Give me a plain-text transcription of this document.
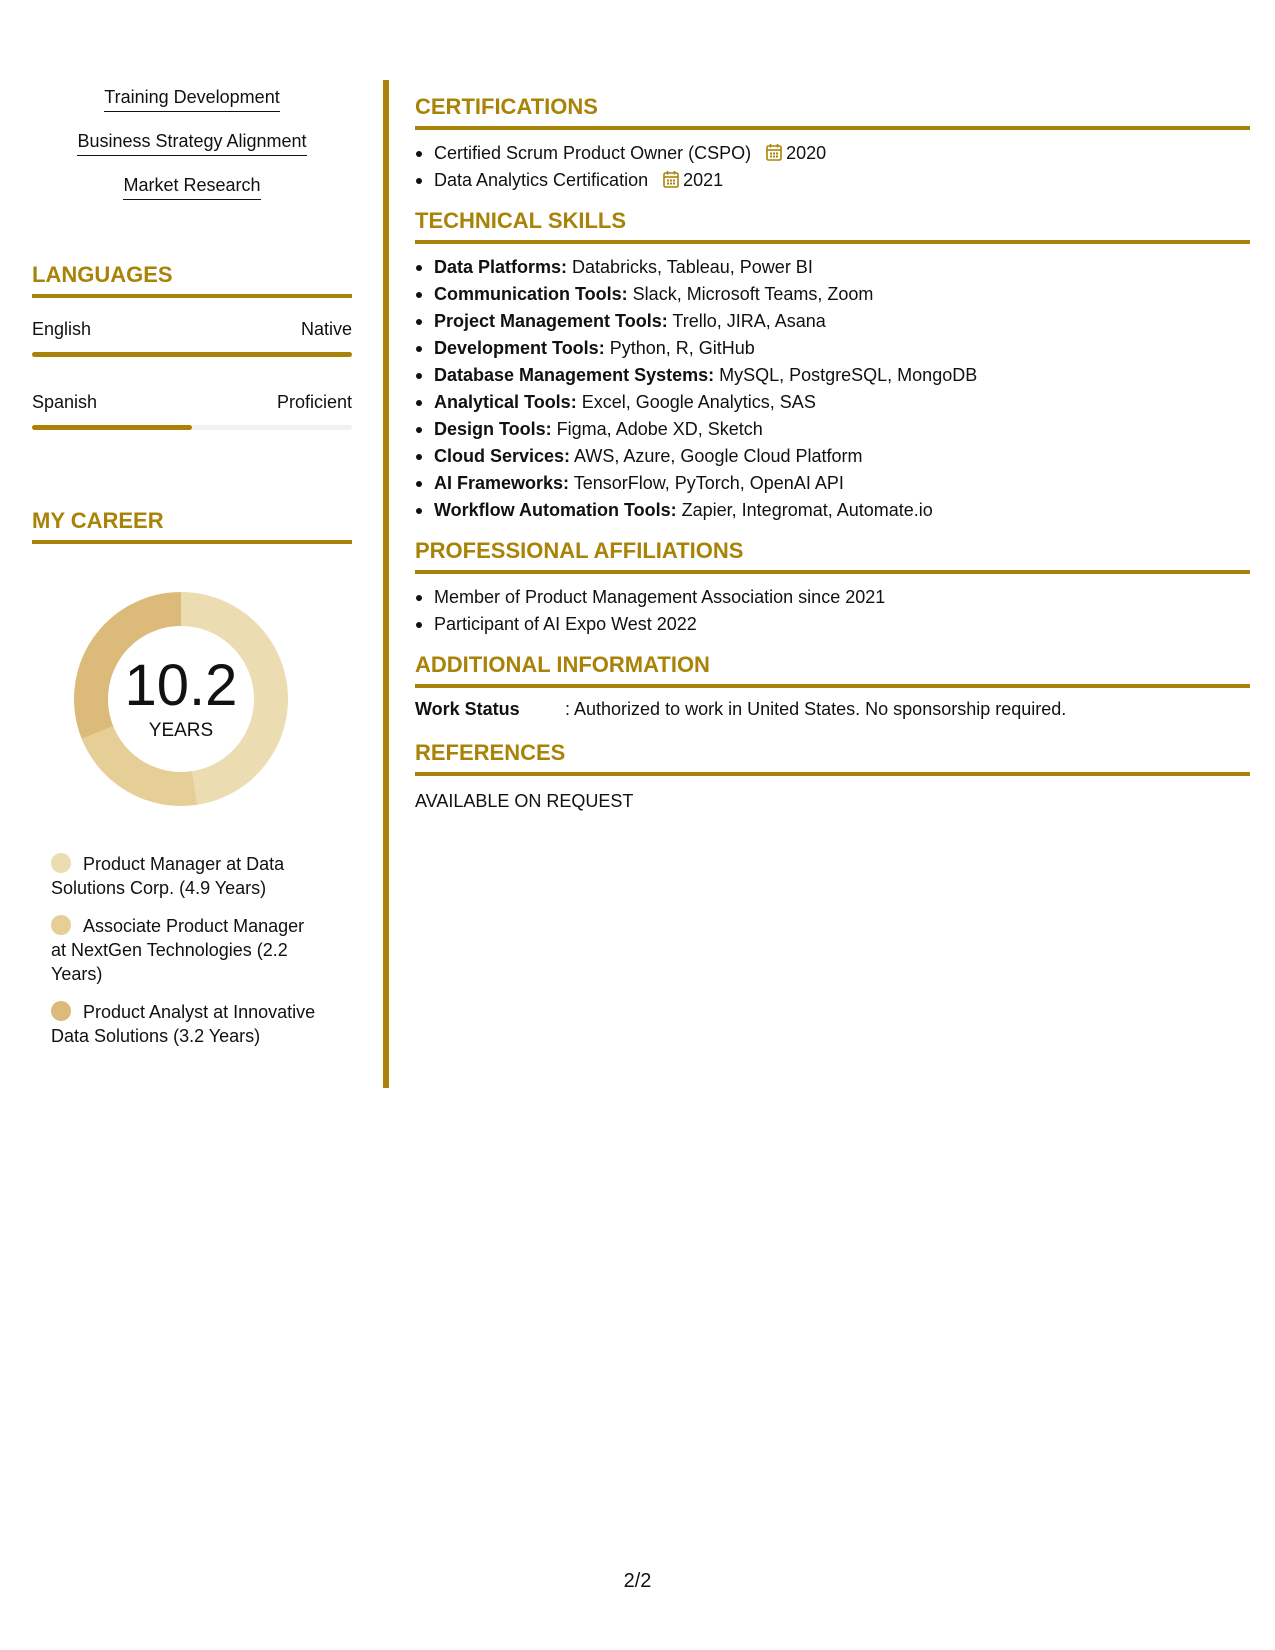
Training Development
Business Strategy Alignment
Market Research
LANGUAGES
English	Native
Spanish	Proficient
MY CAREER
10.2
YEARS
Product Manager at Data Solutions Corp. (4.9 Years)
Associate Product Manager at NextGen Technologies (2.2 Years)
Product Analyst at Innovative Data Solutions (3.2 Years)
CERTIFICATIONS
Certified Scrum Product Owner (CSPO) 2020
Data Analytics Certification 2021
TECHNICAL SKILLS
Data Platforms: Databricks, Tableau, Power BI
Communication Tools: Slack, Microsoft Teams, Zoom
Project Management Tools: Trello, JIRA, Asana
Development Tools: Python, R, GitHub
Database Management Systems: MySQL, PostgreSQL, MongoDB
Analytical Tools: Excel, Google Analytics, SAS
Design Tools: Figma, Adobe XD, Sketch
Cloud Services: AWS, Azure, Google Cloud Platform
AI Frameworks: TensorFlow, PyTorch, OpenAI API
Workflow Automation Tools: Zapier, Integromat, Automate.io
PROFESSIONAL AFFILIATIONS
Member of Product Management Association since 2021
Participant of AI Expo West 2022
ADDITIONAL INFORMATION
Work Status	: Authorized to work in United States. No sponsorship required.
REFERENCES
AVAILABLE ON REQUEST
2/2
